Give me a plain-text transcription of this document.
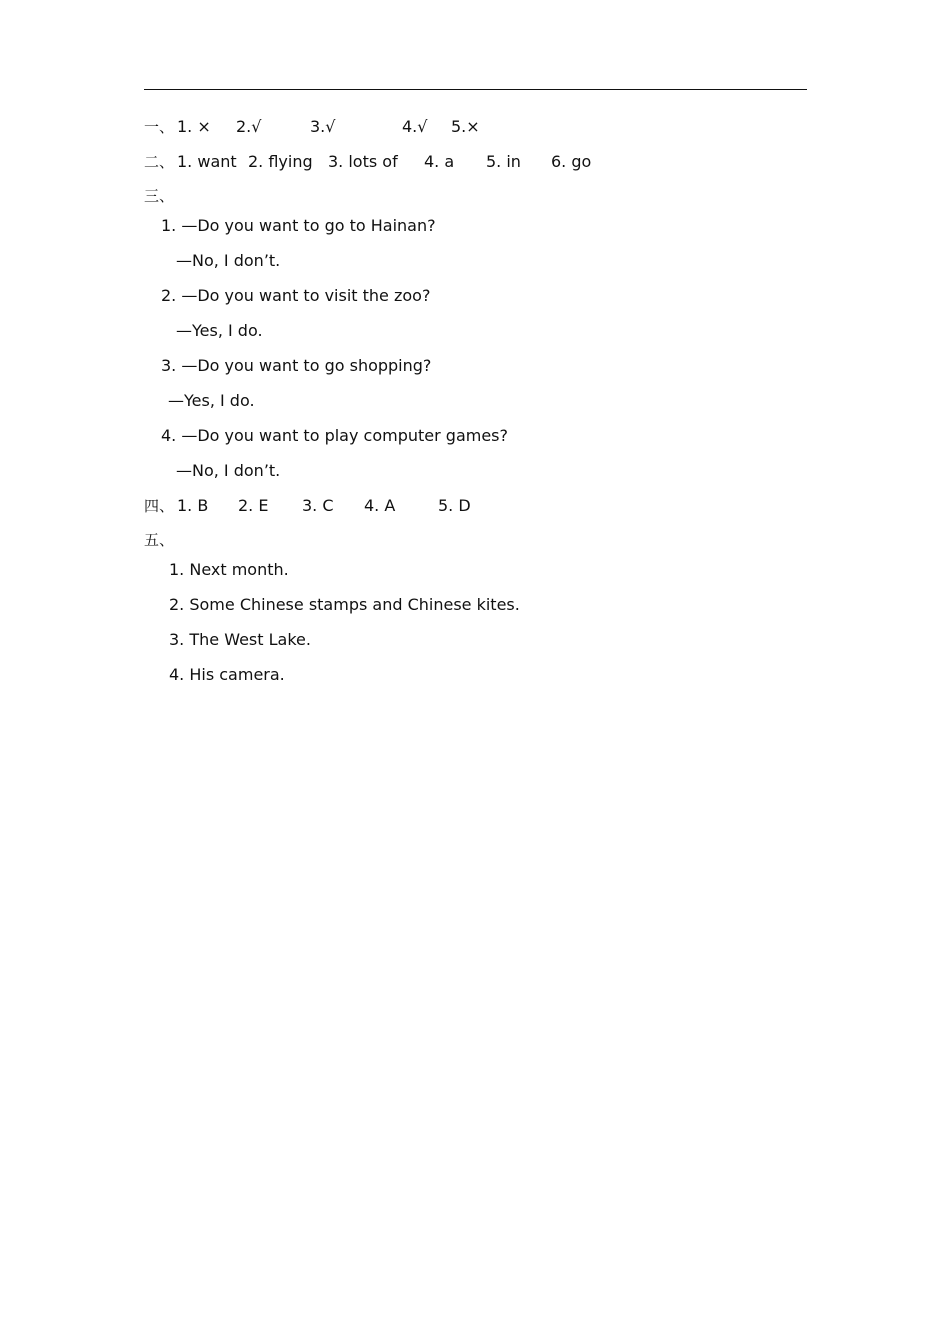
一、

1. ×

2.√

	3.√

	4.√

5.×

二、

1. want

2. flying

3. lots of

4. a

5. in

6. go

三、
1. —Do you want to go to Hainan?
—No, I don’t.
2. —Do you want to visit the zoo?
—Yes, I do.
3. —Do you want to go shopping?
—Yes, I do.
4. —Do you want to play computer games?
—No, I don’t.

四、

1. B

2. E

3. C

4. A

	5. D

五、
1. Next month.
2. Some Chinese stamps and Chinese kites.
3. The West Lake.
4. His camera.
